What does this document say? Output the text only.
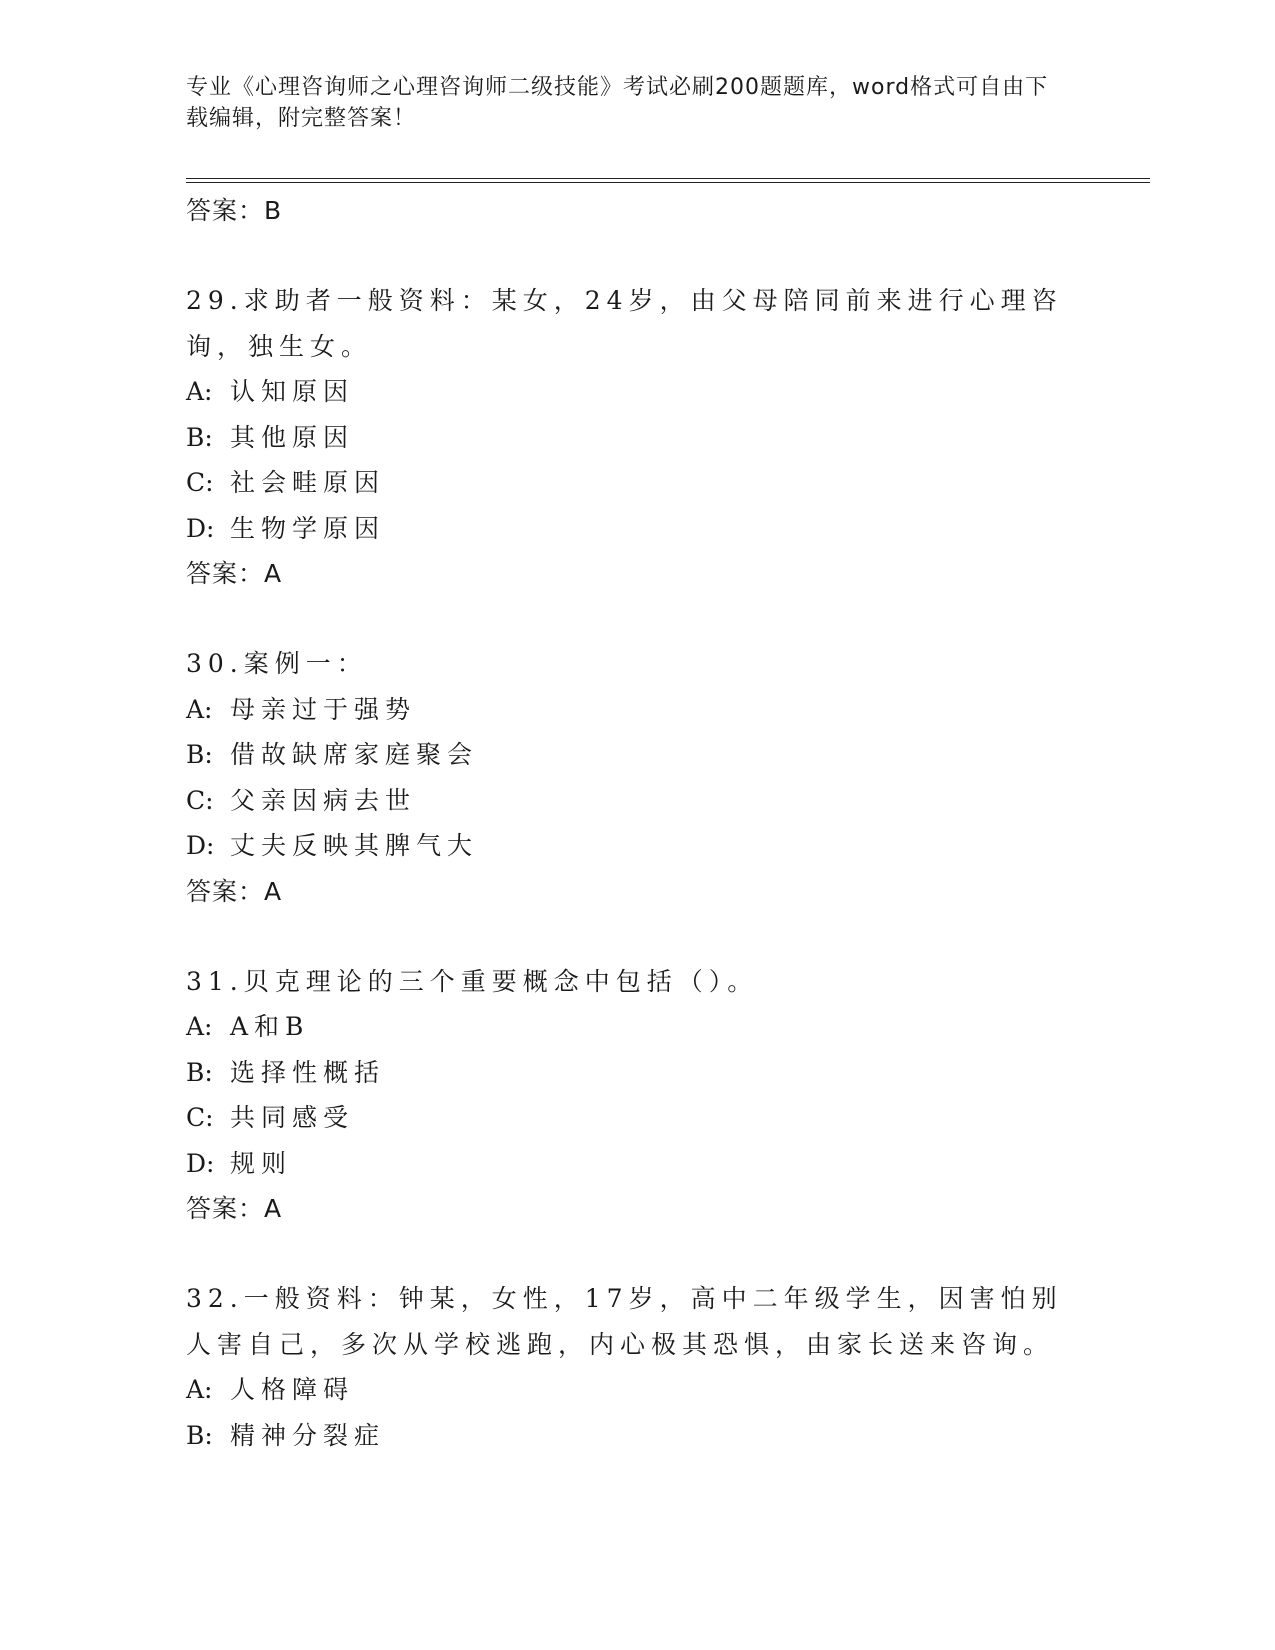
专业《心理咨询师之心理咨询师二级技能》考试必刷200题题库，word格式可自由下载编辑，附完整答案！
答案：B
29.求助者一般资料：某女，24岁，由父母陪同前来进行心理咨询，独生女。
A: 认知原因
B: 其他原因
C: 社会畦原因
D: 生物学原因
答案：A
30.案例一：
A: 母亲过于强势
B: 借故缺席家庭聚会
C: 父亲因病去世
D: 丈夫反映其脾气大
答案：A
31.贝克理论的三个重要概念中包括（）。
A: A和B
B: 选择性概括
C: 共同感受
D: 规则
答案：A
32.一般资料：钟某，女性，17岁，高中二年级学生，因害怕别人害自己，多次从学校逃跑，内心极其恐惧，由家长送来咨询。
A: 人格障碍
B: 精神分裂症
